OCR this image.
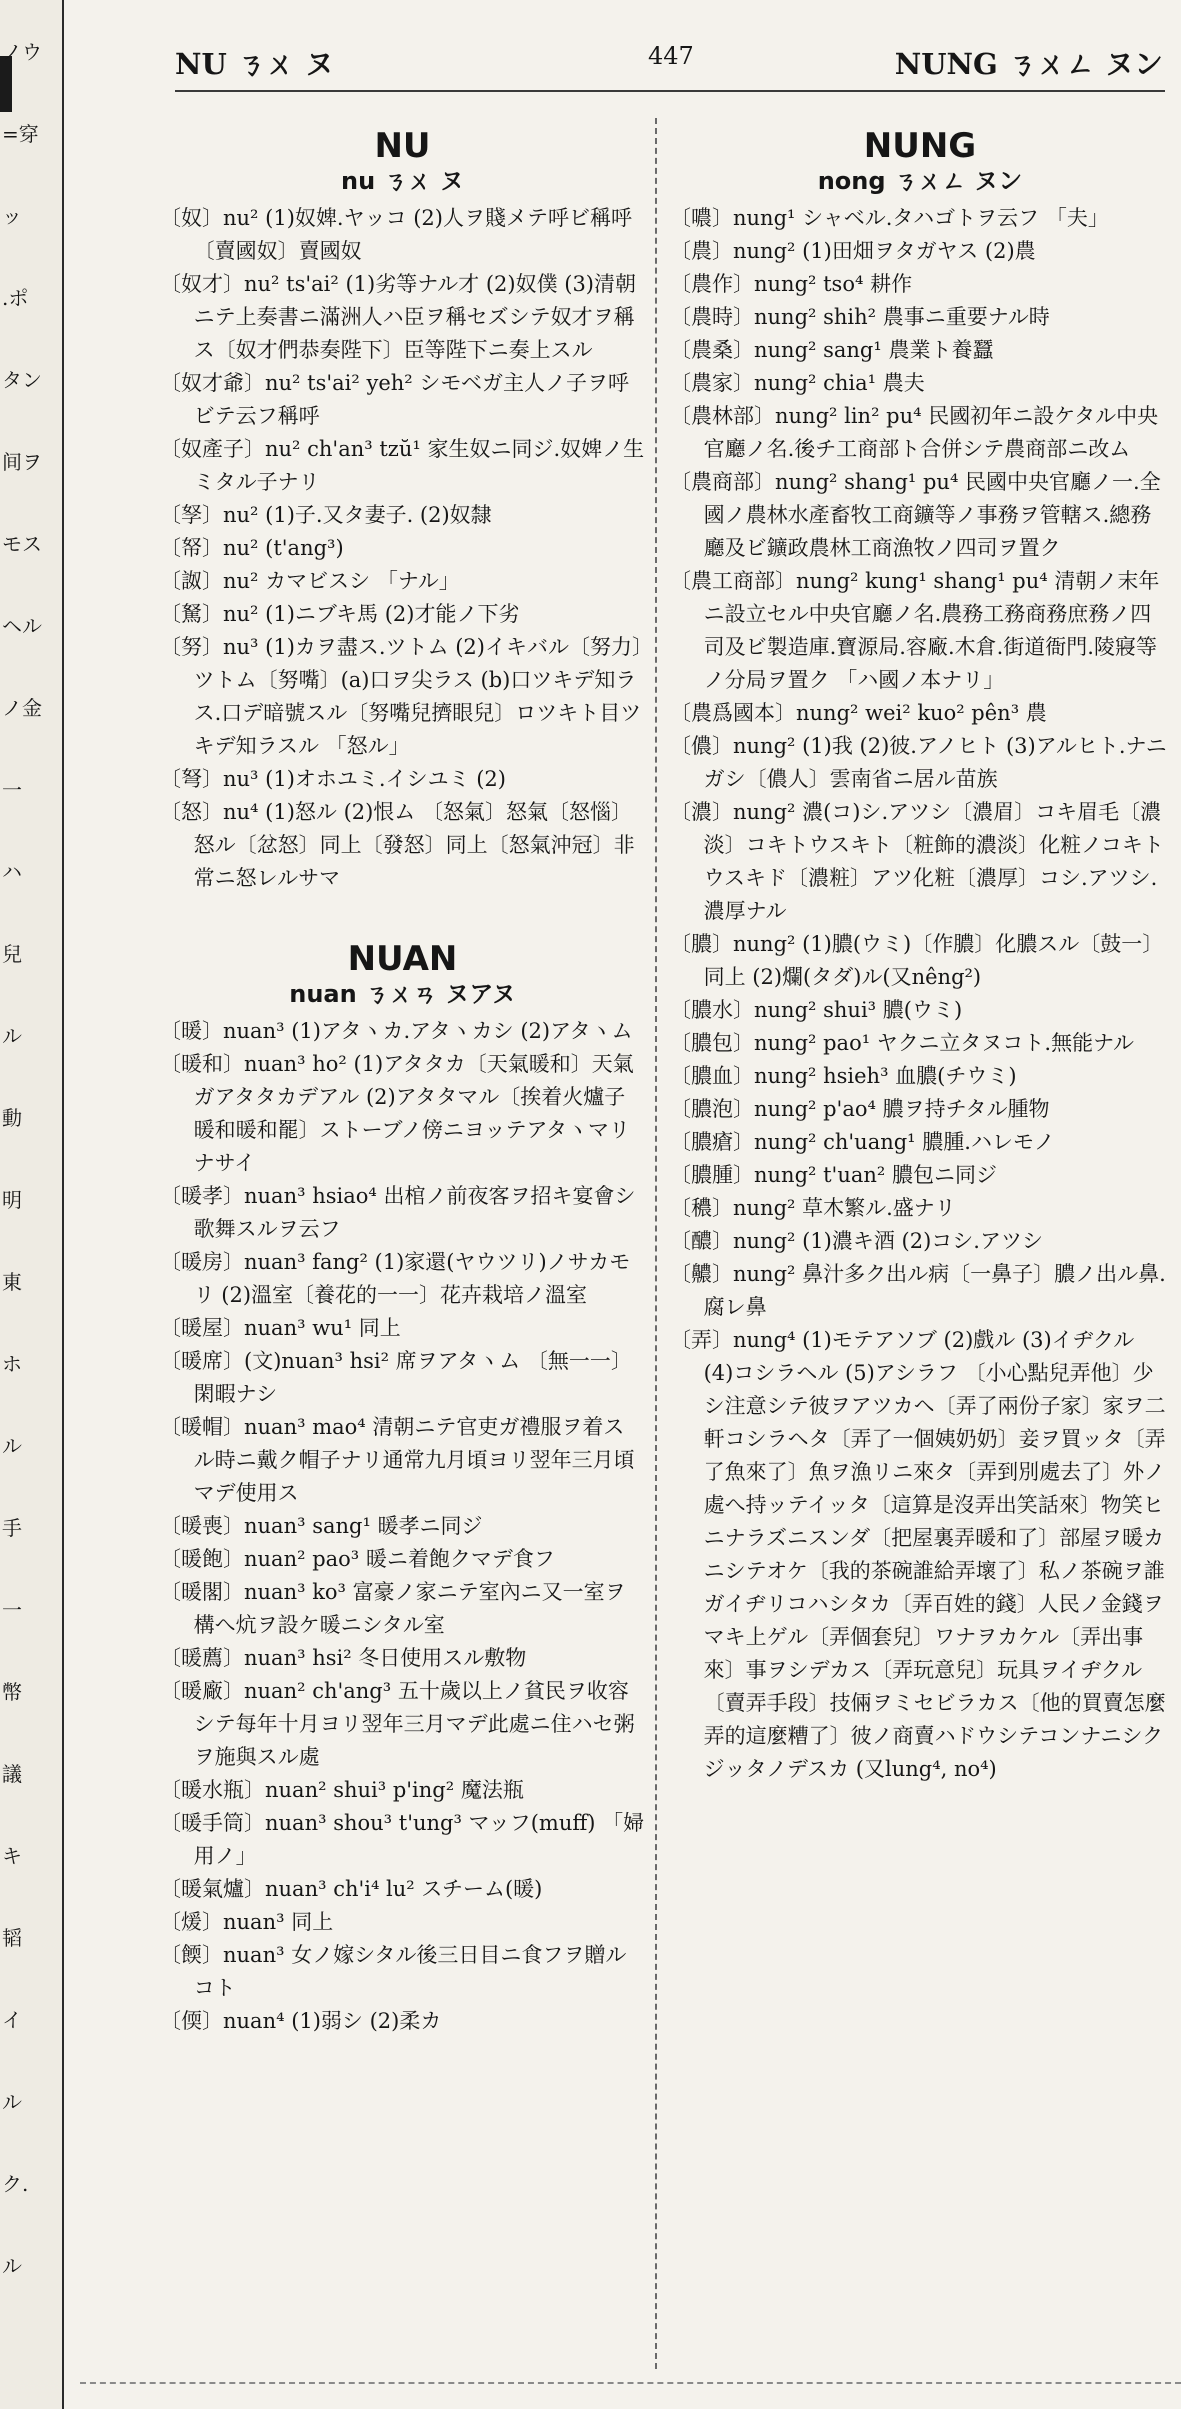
ノウ
=穿
ッ
.ポ
タン
间ヲ
モス
ヘル
ノ金
一
ハ
兒
ル
動
明
東
ホ
ル
手
一
幣
議
キ
韬
イ
ル
ク.
ル
NU ㄋㄨ ヌ	447	NUNG ㄋㄨㄥ ヌン
NU
nu ㄋㄨ ヌ

〔奴〕nu² (1)奴婢.ヤッコ (2)人ヲ賤メテ呼ビ稱呼〔賣國奴〕賣國奴

〔奴才〕nu² ts'ai² (1)劣等ナル才 (2)奴僕 (3)清朝ニテ上奏書ニ滿洲人ハ臣ヲ稱セズシテ奴才ヲ稱ス〔奴才們恭奏陛下〕臣等陛下ニ奏上スル

〔奴才爺〕nu² ts'ai² yeh² シモベガ主人ノ子ヲ呼ビテ云フ稱呼

〔奴產子〕nu² ch'an³ tzŭ¹ 家生奴ニ同ジ.奴婢ノ生ミタル子ナリ

〔孥〕nu² (1)子.又タ妻子. (2)奴隸

〔帑〕nu² (t'ang³)

〔詉〕nu² カマビスシ 「ナル」

〔駑〕nu² (1)ニブキ馬 (2)才能ノ下劣

〔努〕nu³ (1)カヲ盡ス.ツトム (2)イキバル〔努力〕ツトム〔努嘴〕(a)口ヲ尖ラス (b)口ツキデ知ラス.口デ暗號スル〔努嘴兒擠眼兒〕ロツキト目ツキデ知ラスル 「怒ル」

〔弩〕nu³ (1)オホユミ.イシユミ (2)

〔怒〕nu⁴ (1)怒ル (2)恨ム 〔怒氣〕怒氣〔怒惱〕怒ル〔忿怒〕同上〔發怒〕同上〔怒氣沖冠〕非常ニ怒レルサマ

NUAN
nuan ㄋㄨㄢ ヌアヌ

〔暖〕nuan³ (1)アタヽカ.アタヽカシ (2)アタヽム

〔暖和〕nuan³ ho² (1)アタタカ〔天氣暖和〕天氣ガアタタカデアル (2)アタタマル〔挨着火爐子暖和暖和罷〕ストーブノ傍ニヨッテアタヽマリナサイ

〔暖孝〕nuan³ hsiao⁴ 出棺ノ前夜客ヲ招キ宴會シ歌舞スルヲ云フ

〔暖房〕nuan³ fang² (1)家還(ヤウツリ)ノサカモリ (2)溫室〔養花的一一〕花卉栽培ノ溫室

〔暖屋〕nuan³ wu¹ 同上

〔暖席〕(文)nuan³ hsi² 席ヲアタヽム 〔無一一〕閑暇ナシ

〔暖帽〕nuan³ mao⁴ 清朝ニテ官吏ガ禮服ヲ着スル時ニ戴ク帽子ナリ通常九月頃ヨリ翌年三月頃マデ使用ス

〔暖喪〕nuan³ sang¹ 暖孝ニ同ジ

〔暖飽〕nuan² pao³ 暖ニ着飽クマデ食フ

〔暖閣〕nuan³ ko³ 富豪ノ家ニテ室內ニ又一室ヲ構へ炕ヲ設ケ暖ニシタル室

〔暖薦〕nuan³ hsi² 冬日使用スル敷物

〔暖廠〕nuan² ch'ang³ 五十歲以上ノ貧民ヲ收容シテ每年十月ヨリ翌年三月マデ此處ニ住ハセ粥ヲ施與スル處

〔暖水瓶〕nuan² shui³ p'ing² 魔法瓶

〔暖手筒〕nuan³ shou³ t'ung³ マッフ(muff) 「婦用ノ」

〔暖氣爐〕nuan³ ch'i⁴ lu² スチーム(暖)

〔煖〕nuan³ 同上

〔餪〕nuan³ 女ノ嫁シタル後三日目ニ食フヲ贈ルコト

〔偄〕nuan⁴ (1)弱シ (2)柔カ

NUNG
nong ㄋㄨㄥ ヌン

〔噥〕nung¹ シャベル.タハゴトヲ云フ 「夫」

〔農〕nung² (1)田畑ヲタガヤス (2)農

〔農作〕nung² tso⁴ 耕作

〔農時〕nung² shih² 農事ニ重要ナル時

〔農桑〕nung² sang¹ 農業ト養蠶

〔農家〕nung² chia¹ 農夫

〔農林部〕nung² lin² pu⁴ 民國初年ニ設ケタル中央官廳ノ名.後チ工商部ト合併シテ農商部ニ改ム

〔農商部〕nung² shang¹ pu⁴ 民國中央官廳ノ一.全國ノ農林水產畜牧工商鑛等ノ事務ヲ管轄ス.總務廳及ビ鑛政農林工商漁牧ノ四司ヲ置ク

〔農工商部〕nung² kung¹ shang¹ pu⁴ 清朝ノ末年ニ設立セル中央官廳ノ名.農務工務商務庶務ノ四司及ビ製造庫.寶源局.容廠.木倉.街道衙門.陵寢等ノ分局ヲ置ク 「ハ國ノ本ナリ」

〔農爲國本〕nung² wei² kuo² pên³ 農

〔儂〕nung² (1)我 (2)彼.アノヒト (3)アルヒト.ナニガシ〔儂人〕雲南省ニ居ル苗族

〔濃〕nung² 濃(コ)シ.アツシ〔濃眉〕コキ眉毛〔濃淡〕コキトウスキト〔粧飾的濃淡〕化粧ノコキトウスキド〔濃粧〕アツ化粧〔濃厚〕コシ.アツシ.濃厚ナル

〔膿〕nung² (1)膿(ウミ)〔作膿〕化膿スル〔鼓一〕同上 (2)爛(タダ)ル(又nêng²)

〔膿水〕nung² shui³ 膿(ウミ)

〔膿包〕nung² pao¹ ヤクニ立タヌコト.無能ナル

〔膿血〕nung² hsieh³ 血膿(チウミ)

〔膿泡〕nung² p'ao⁴ 膿ヲ持チタル腫物

〔膿瘡〕nung² ch'uang¹ 膿腫.ハレモノ

〔膿腫〕nung² t'uan² 膿包ニ同ジ

〔穠〕nung² 草木繁ル.盛ナリ

〔醲〕nung² (1)濃キ酒 (2)コシ.アツシ

〔齈〕nung² 鼻汁多ク出ル病〔一鼻子〕膿ノ出ル鼻.腐レ鼻

〔弄〕nung⁴ (1)モテアソブ (2)戲ル (3)イヂクル (4)コシラヘル (5)アシラフ 〔小心點兒弄他〕少シ注意シテ彼ヲアツカヘ〔弄了兩份子家〕家ヲ二軒コシラヘタ〔弄了一個姨奶奶〕妾ヲ買ッタ〔弄了魚來了〕魚ヲ漁リニ來タ〔弄到別處去了〕外ノ處へ持ッテイッタ〔這算是沒弄出笑話來〕物笑ヒニナラズニスンダ〔把屋裏弄暖和了〕部屋ヲ暖カニシテオケ〔我的茶碗誰給弄壞了〕私ノ茶碗ヲ誰ガイヂリコハシタカ〔弄百姓的錢〕人民ノ金錢ヲマキ上ゲル〔弄個套兒〕ワナヲカケル〔弄出事來〕事ヲシデカス〔弄玩意兒〕玩具ヲイヂクル〔賣弄手段〕技倆ヲミセビラカス〔他的買賣怎麼弄的這麼糟了〕彼ノ商賣ハドウシテコンナニシクジッタノデスカ (又lung⁴, no⁴)
